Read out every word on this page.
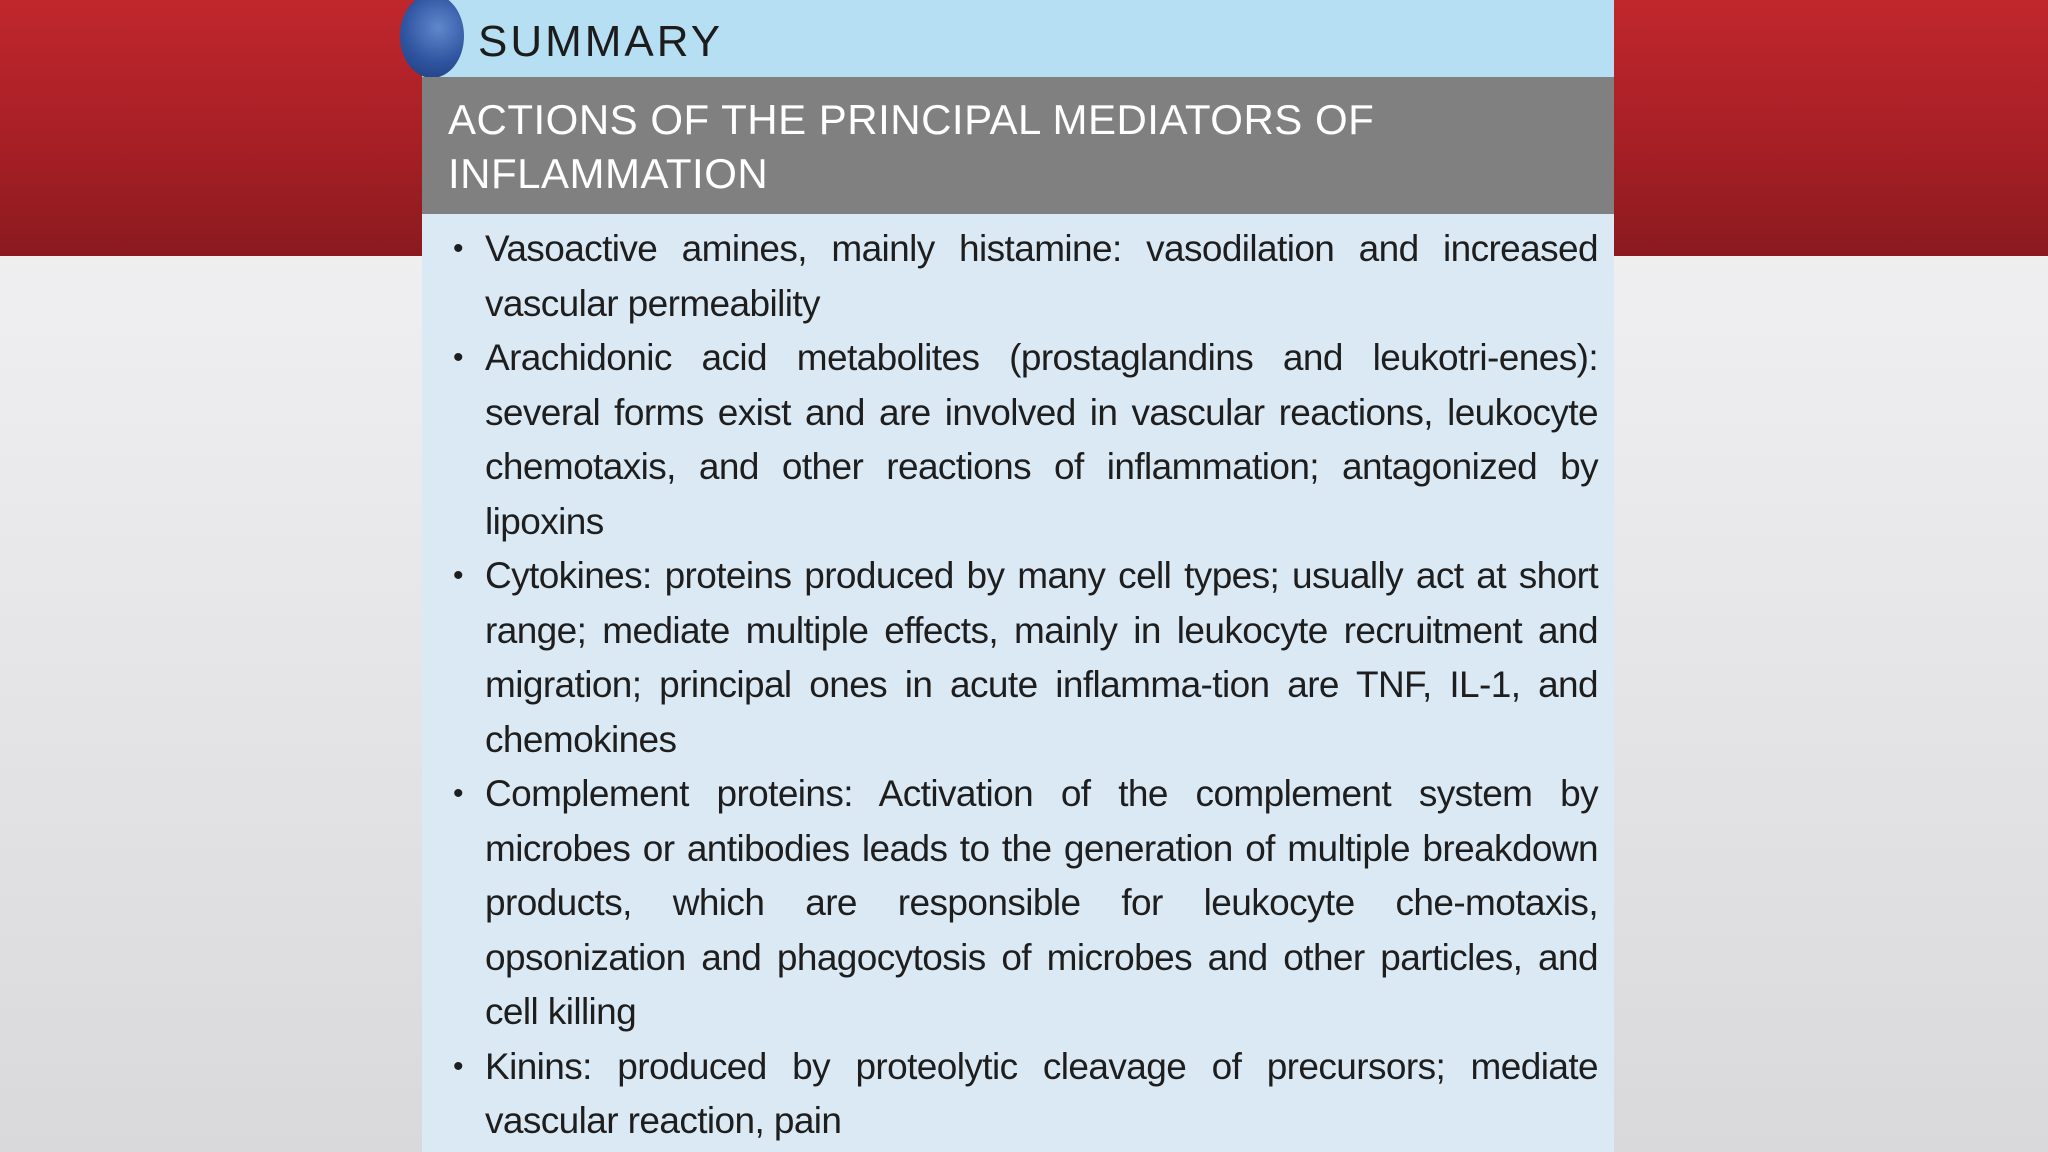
SUMMARY
ACTIONS OF THE PRINCIPAL MEDIATORS OF INFLAMMATION
• Vasoactive amines, mainly histamine: vasodilation and increased vascular permeability
• Arachidonic acid metabolites (prostaglandins and leukotri-enes): several forms exist and are involved in vascular reactions, leukocyte chemotaxis, and other reactions of inflammation; antagonized by lipoxins
• Cytokines: proteins produced by many cell types; usually act at short range; mediate multiple effects, mainly in leukocyte recruitment and migration; principal ones in acute inflamma-tion are TNF, IL-1, and chemokines
• Complement proteins: Activation of the complement system by microbes or antibodies leads to the generation of multiple breakdown products, which are responsible for leukocyte che-motaxis, opsonization and phagocytosis of microbes and other particles, and cell killing
• Kinins: produced by proteolytic cleavage of precursors; mediate vascular reaction, pain
